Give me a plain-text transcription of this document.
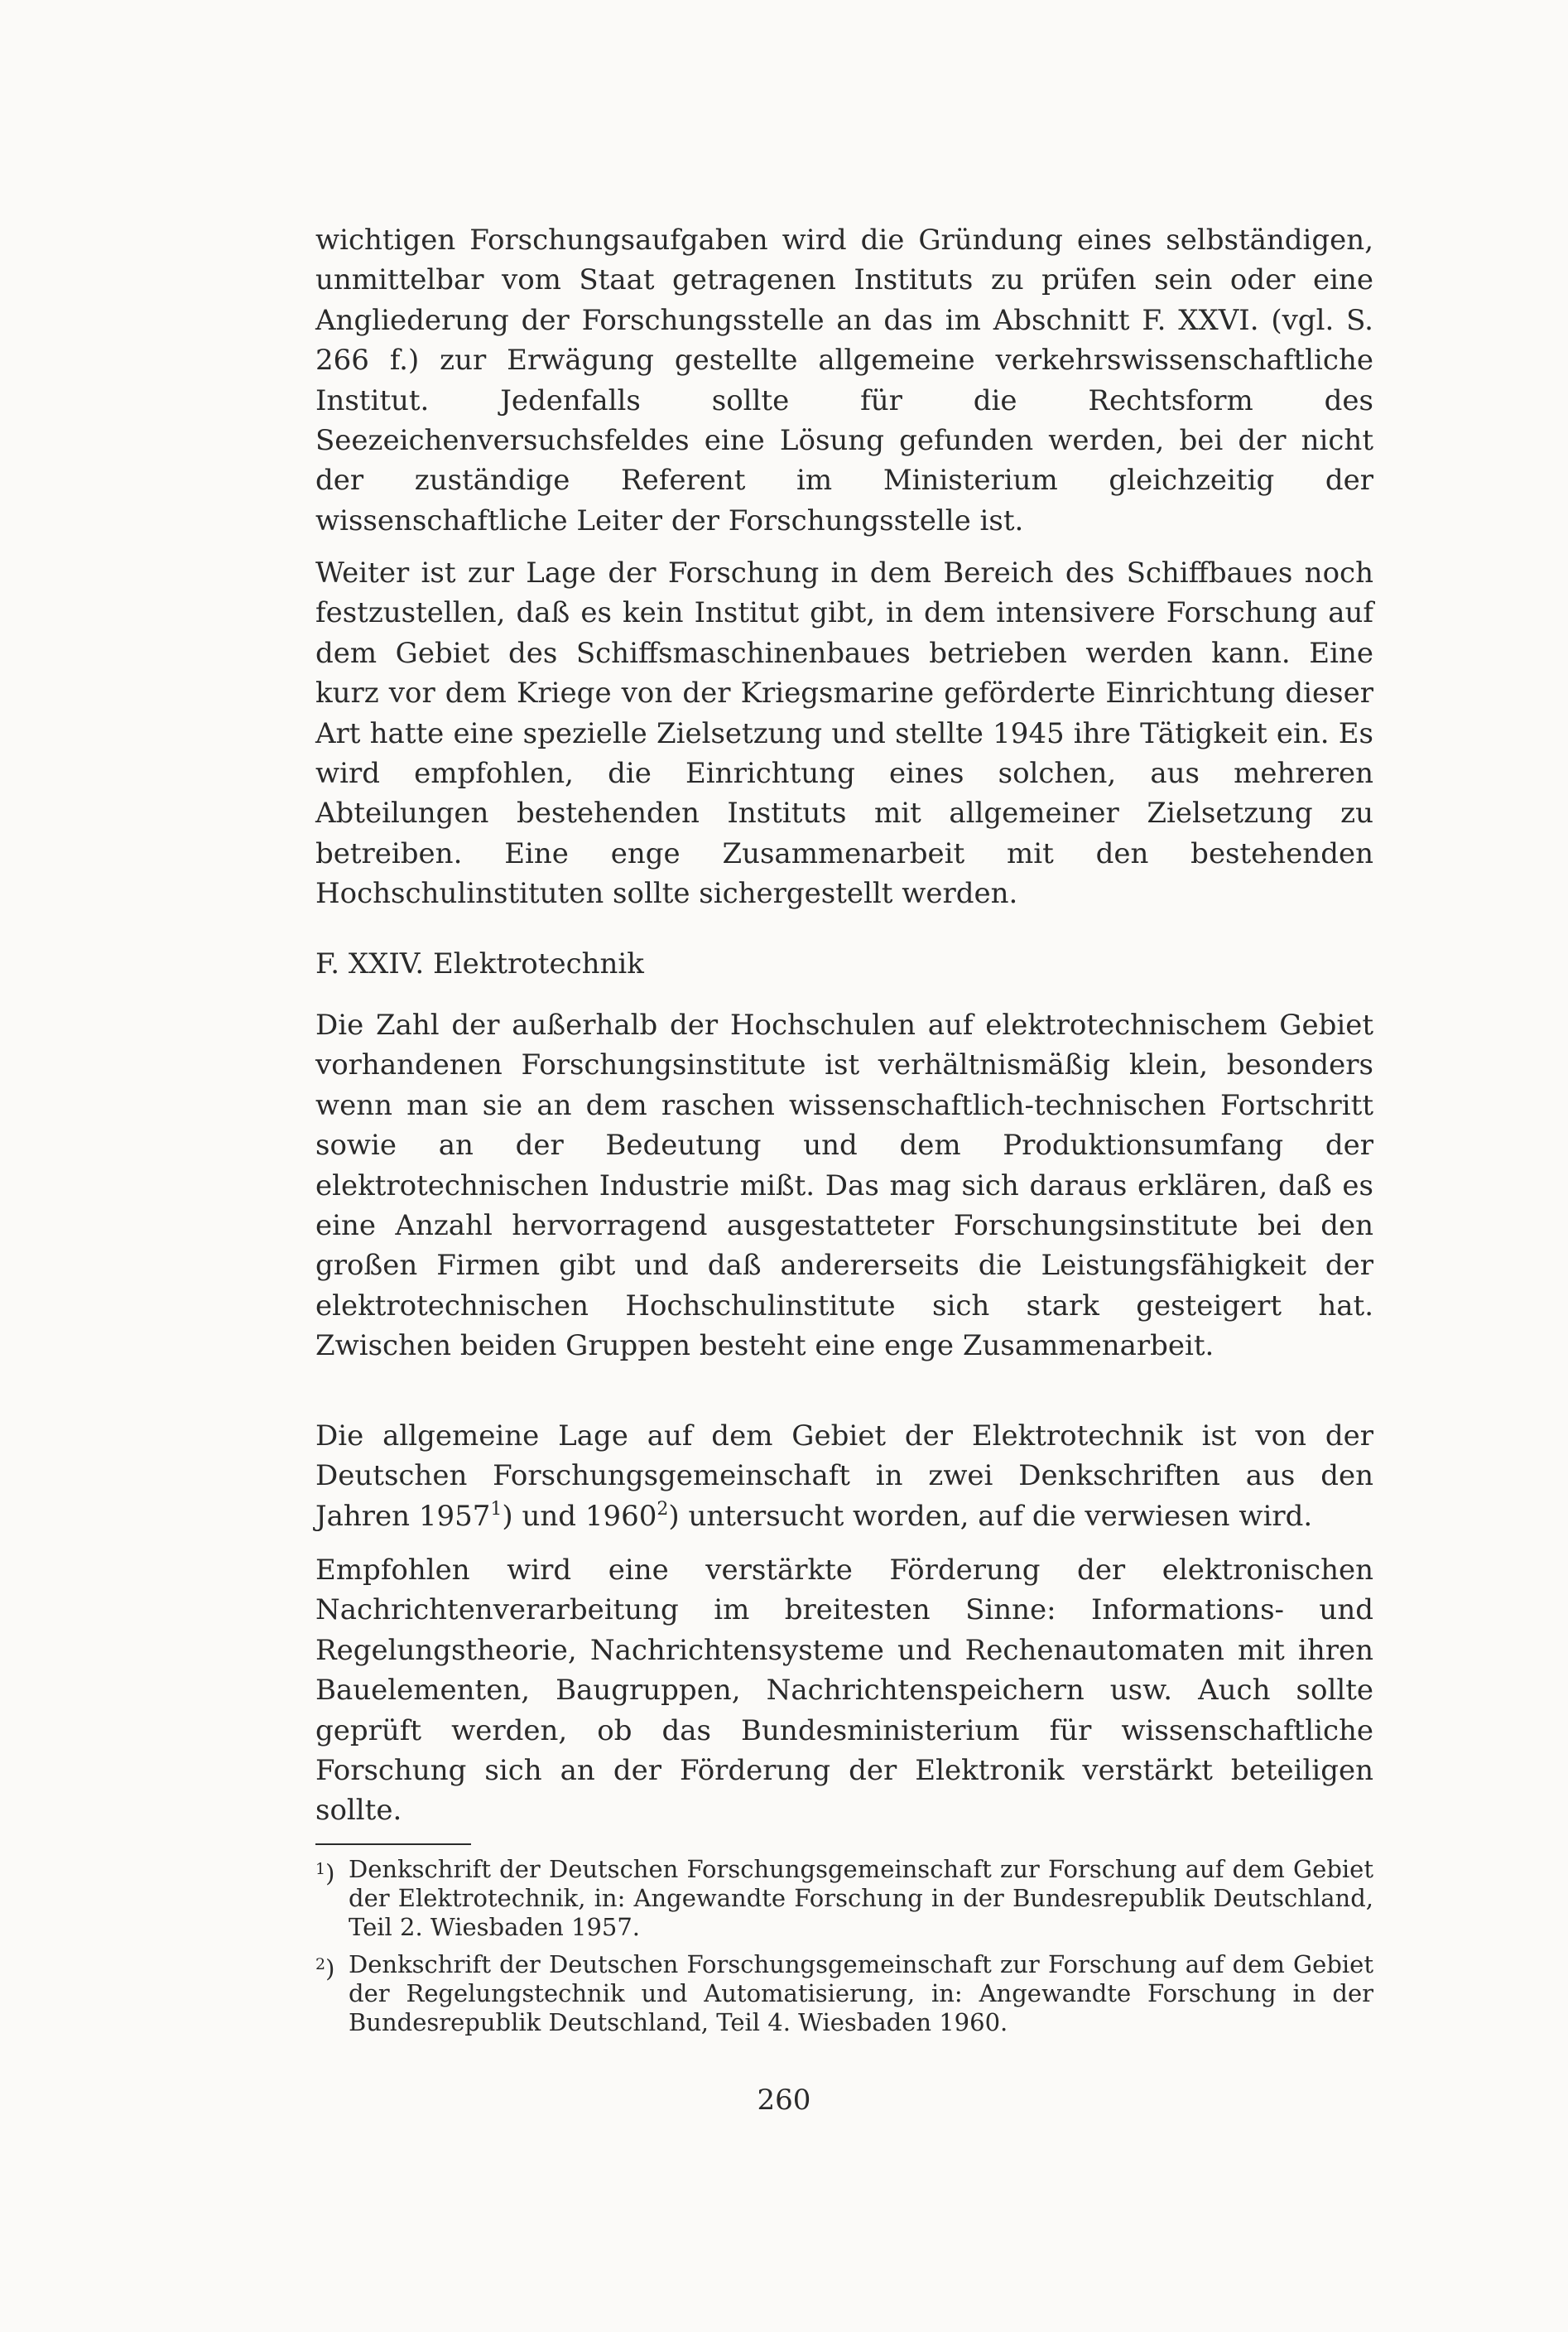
wichtigen Forschungsaufgaben wird die Gründung eines selbständigen, unmittelbar vom Staat getragenen Instituts zu prüfen sein oder eine Angliederung der Forschungsstelle an das im Abschnitt F. XXVI. (vgl. S. 266 f.) zur Erwägung gestellte allgemeine verkehrswissenschaftliche Institut. Jedenfalls sollte für die Rechtsform des Seezeichenversuchsfeldes eine Lösung gefunden werden, bei der nicht der zuständige Referent im Ministerium gleichzeitig der wissenschaftliche Leiter der Forschungsstelle ist.

Weiter ist zur Lage der Forschung in dem Bereich des Schiffbaues noch festzustellen, daß es kein Institut gibt, in dem intensivere Forschung auf dem Gebiet des Schiffsmaschinenbaues betrieben werden kann. Eine kurz vor dem Kriege von der Kriegsmarine geförderte Einrichtung dieser Art hatte eine spezielle Zielsetzung und stellte 1945 ihre Tätigkeit ein. Es wird empfohlen, die Einrichtung eines solchen, aus mehreren Abteilungen bestehenden Instituts mit allgemeiner Zielsetzung zu betreiben. Eine enge Zusammenarbeit mit den bestehenden Hochschulinstituten sollte sichergestellt werden.

F. XXIV. Elektrotechnik

Die Zahl der außerhalb der Hochschulen auf elektrotechnischem Gebiet vorhandenen Forschungsinstitute ist verhältnismäßig klein, besonders wenn man sie an dem raschen wissenschaftlich-technischen Fortschritt sowie an der Bedeutung und dem Produktionsumfang der elektrotechnischen Industrie mißt. Das mag sich daraus erklären, daß es eine Anzahl hervorragend ausgestatteter Forschungsinstitute bei den großen Firmen gibt und daß andererseits die Leistungsfähigkeit der elektrotechnischen Hochschulinstitute sich stark gesteigert hat. Zwischen beiden Gruppen besteht eine enge Zusammenarbeit.

Die allgemeine Lage auf dem Gebiet der Elektrotechnik ist von der Deutschen Forschungsgemeinschaft in zwei Denkschriften aus den Jahren 1957$^1$) und 1960$^2$) untersucht worden, auf die verwiesen wird.

Empfohlen wird eine verstärkte Förderung der elektronischen Nachrichtenverarbeitung im breitesten Sinne: Informations- und Regelungstheorie, Nachrichtensysteme und Rechenautomaten mit ihren Bauelementen, Baugruppen, Nachrichtenspeichern usw. Auch sollte geprüft werden, ob das Bundesministerium für wissenschaftliche Forschung sich an der Förderung der Elektronik verstärkt beteiligen sollte.

$^1$) Denkschrift der Deutschen Forschungsgemeinschaft zur Forschung auf dem Gebiet der Elektrotechnik, in: Angewandte Forschung in der Bundesrepublik Deutschland, Teil 2. Wiesbaden 1957.
$^2$) Denkschrift der Deutschen Forschungsgemeinschaft zur Forschung auf dem Gebiet der Regelungstechnik und Automatisierung, in: Angewandte Forschung in der Bundesrepublik Deutschland, Teil 4. Wiesbaden 1960.
260
